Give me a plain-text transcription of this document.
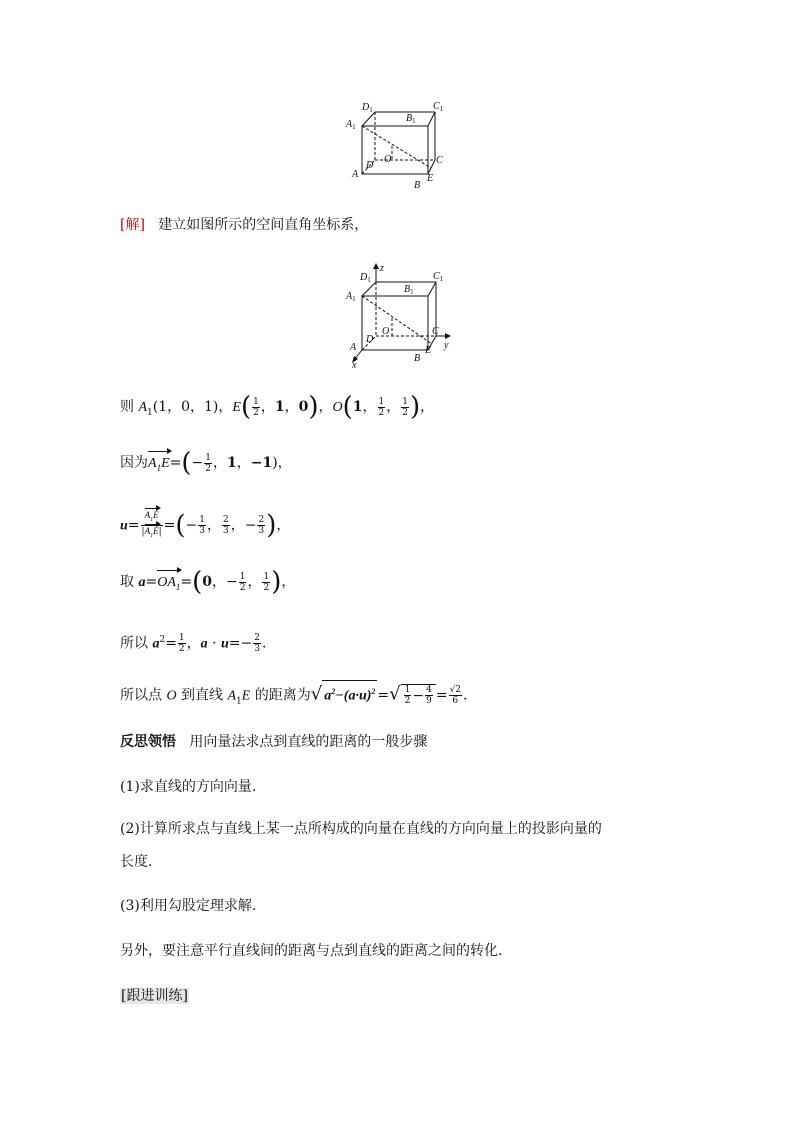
$D_1$	$C_1$
$A_1$
$B_1$
D	C
O
A
B
E
[解] 建立如图所示的空间直角坐标系，
z
$D_1$	$C_1$
$A_1$
$B_1$
D
C
O
A
B
E y
x
则 $A_1(1$，0，1)，$E( \frac{1}{2}$ ，1，0)，O(1， $\frac{1}{2}$ ， $\frac{1}{2}$ )，
因为$A_1E=(- \frac{1}{2}$ ，1，−1)，
$u= \frac{A_1E}{|A_1E|}$ =(− $\frac{1}{3}$ ， $\frac{2}{3}$ ，− $\frac{2}{3}$ )，
取 $a=OA_1=(0$，− $\frac{1}{2}$ ， $\frac{1}{2}$ )，
所以 $a^2= \frac{1}{2}$ ，$a \cdot u=- \frac{2}{3}$ .
所以点 O 到直线 $A_1E$ 的距离为√ $a^2-(a\cdot u)^2$ =√ $\frac{1}{2} - \frac{4}{9} = \frac{√2}{6}$ .
反思领悟 用向量法求点到直线的距离的一般步骤
(1)求直线的方向向量.
(2)计算所求点与直线上某一点所构成的向量在直线的方向向量上的投影向量的
长度.
(3)利用勾股定理求解.
另外，要注意平行直线间的距离与点到直线的距离之间的转化.
[跟进训练]
